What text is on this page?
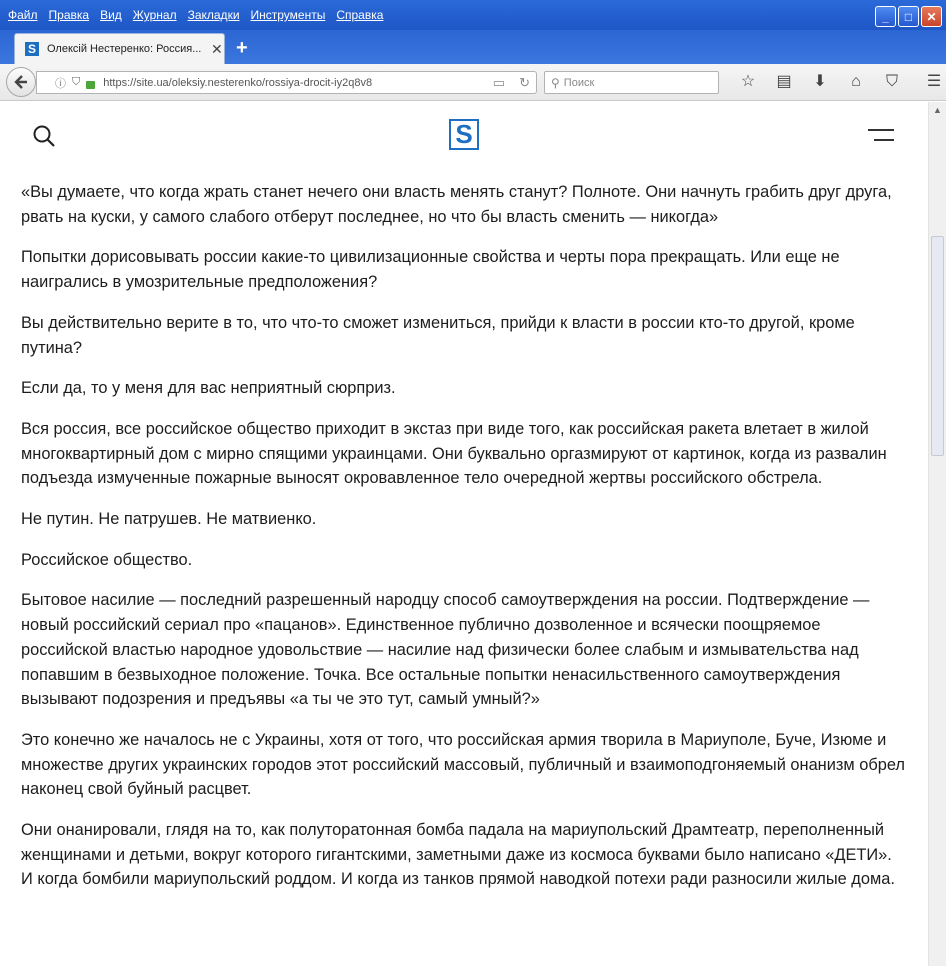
Файл Правка Вид Журнал Закладки Инструменты Справка	_	□	✕
S Олексій Нестеренко: Россия... ✕ +
ⓘ ⛉ https://site.ua/oleksiy.nesterenko/rossiya-drocit-iy2q8v8	▭ ↻ ⚲ Поиск	☆	▤	⬇	⌂	⛉	☰
S

«Вы думаете, что когда жрать станет нечего они власть менять станут? Полноте. Они начнуть грабить друг друга, рвать на куски, у самого слабого отберут последнее, но что бы власть сменить — никогда»

Попытки дорисовывать россии какие-то цивилизационные свойства и черты пора прекращать. Или еще не наигрались в умозрительные предположения?

Вы действительно верите в то, что что-то сможет измениться, прийди к власти в россии кто-то другой, кроме путина?

Если да, то у меня для вас неприятный сюрприз.

Вся россия, все российское общество приходит в экстаз при виде того, как российская ракета влетает в жилой многоквартирный дом с мирно спящими украинцами. Они буквально оргазмируют от картинок, когда из развалин подъезда измученные пожарные выносят окровавленное тело очередной жертвы российского обстрела.

Не путин. Не патрушев. Не матвиенко.

Российское общество.

Бытовое насилие — последний разрешенный народцу способ самоутверждения на россии. Подтверждение — новый российский сериал про «пацанов». Единственное публично дозволенное и всячески поощряемое российской властью народное удовольствие — насилие над физически более слабым и измывательства над попавшим в безвыходное положение. Точка. Все остальные попытки ненасильственного самоутверждения вызывают подозрения и предъявы «а ты че это тут, самый умный?»

Это конечно же началось не с Украины, хотя от того, что российская армия творила в Мариуполе, Буче, Изюме и множестве других украинских городов этот российский массовый, публичный и взаимоподгоняемый онанизм обрел наконец свой буйный расцвет.

Они онанировали, глядя на то, как полуторатонная бомба падала на мариупольский Драмтеатр, переполненный женщинами и детьми, вокруг которого гигантскими, заметными даже из космоса буквами было написано «ДЕТИ». И когда бомбили мариупольский роддом. И когда из танков прямой наводкой потехи ради разносили жилые дома.

▲
